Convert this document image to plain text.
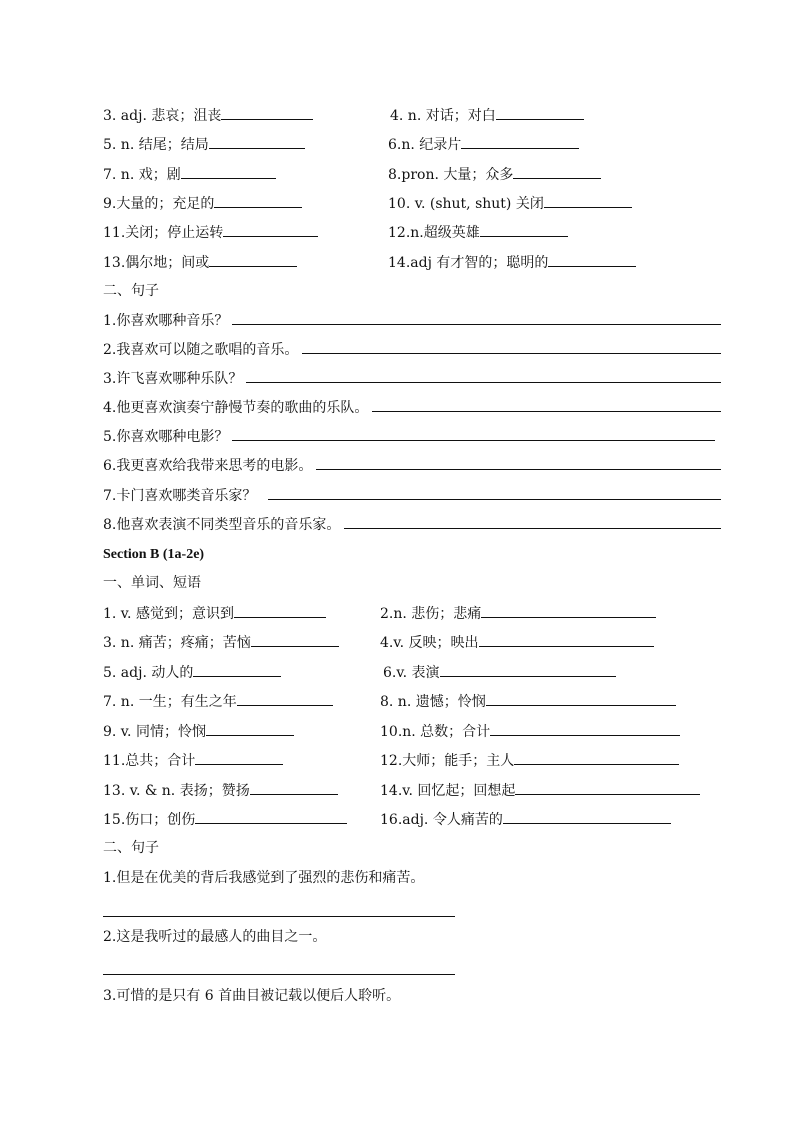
3. adj. 悲哀；沮丧	4. n. 对话；对白
5. n. 结尾；结局	6.n. 纪录片
7. n. 戏；剧	8.pron. 大量；众多
9.大量的；充足的	10. v. (shut, shut) 关闭
11.关闭；停止运转	12.n.超级英雄
13.偶尔地；间或	14.adj 有才智的；聪明的
二、句子
1.你喜欢哪种音乐？
2.我喜欢可以随之歌唱的音乐。
3.许飞喜欢哪种乐队？
4.他更喜欢演奏宁静慢节奏的歌曲的乐队。
5.你喜欢哪种电影？
6.我更喜欢给我带来思考的电影。
7.卡门喜欢哪类音乐家？
8.他喜欢表演不同类型音乐的音乐家。
Section B (1a-2e)
一、单词、短语
1. v. 感觉到；意识到	2.n. 悲伤；悲痛
3. n. 痛苦；疼痛；苦恼	4.v. 反映；映出
5. adj. 动人的	6.v. 表演
7. n. 一生；有生之年	8. n. 遗憾；怜悯
9. v. 同情；怜悯	10.n. 总数；合计
11.总共；合计	12.大师；能手；主人
13. v. & n. 表扬；赞扬	14.v. 回忆起；回想起
15.伤口；创伤	16.adj. 令人痛苦的
二、句子
1.但是在优美的背后我感觉到了强烈的悲伤和痛苦。
2.这是我听过的最感人的曲目之一。
3.可惜的是只有 6 首曲目被记载以便后人聆听。
